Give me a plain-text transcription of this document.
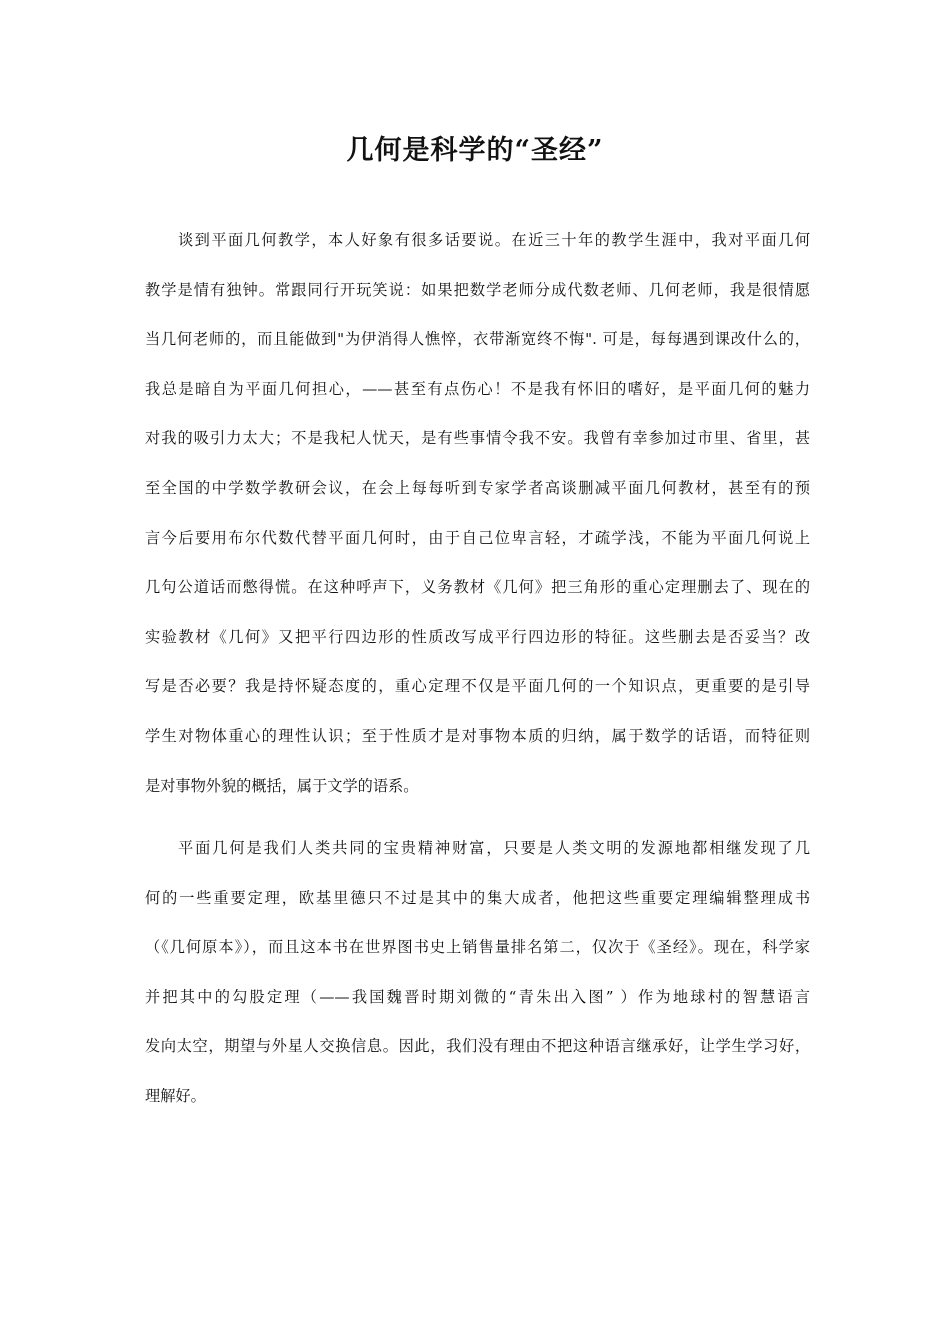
几何是科学的“圣经”
谈到平面几何教学，本人好象有很多话要说。在近三十年的教学生涯中，我对平面几何
教学是情有独钟。常跟同行开玩笑说：如果把数学老师分成代数老师、几何老师，我是很情愿
当几何老师的，而且能做到"为伊消得人憔悴，衣带渐宽终不悔". 可是，每每遇到课改什么的，
我总是暗自为平面几何担心，——甚至有点伤心！不是我有怀旧的嗜好，是平面几何的魅力
对我的吸引力太大；不是我杞人忧天，是有些事情令我不安。我曾有幸参加过市里、省里，甚
至全国的中学数学教研会议，在会上每每听到专家学者高谈删减平面几何教材，甚至有的预
言今后要用布尔代数代替平面几何时，由于自己位卑言轻，才疏学浅，不能为平面几何说上
几句公道话而憋得慌。在这种呼声下，义务教材《几何》把三角形的重心定理删去了、现在的
实验教材《几何》又把平行四边形的性质改写成平行四边形的特征。这些删去是否妥当？改
写是否必要？我是持怀疑态度的，重心定理不仅是平面几何的一个知识点，更重要的是引导
学生对物体重心的理性认识；至于性质才是对事物本质的归纳，属于数学的话语，而特征则
是对事物外貌的概括，属于文学的语系。
平面几何是我们人类共同的宝贵精神财富，只要是人类文明的发源地都相继发现了几
何的一些重要定理，欧基里德只不过是其中的集大成者，他把这些重要定理编辑整理成书
（《几何原本》），而且这本书在世界图书史上销售量排名第二，仅次于《圣经》。现在，科学家
并把其中的勾股定理（——我国魏晋时期刘微的“青朱出入图” ）作为地球村的智慧语言
发向太空，期望与外星人交换信息。因此，我们没有理由不把这种语言继承好，让学生学习好，
理解好。
